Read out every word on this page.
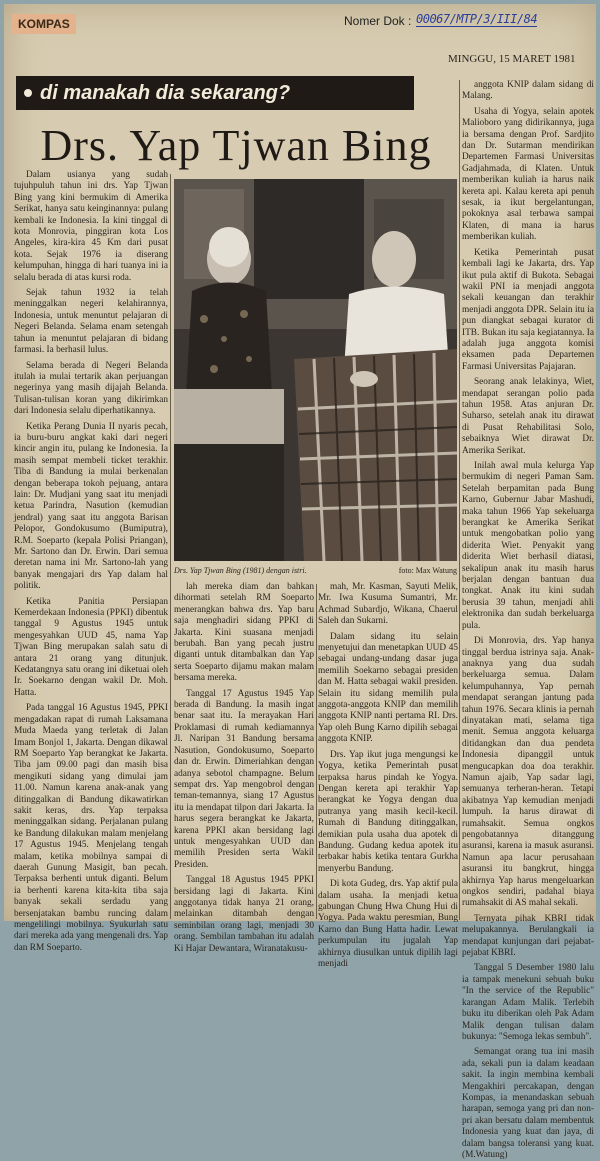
KOMPAS	Nomer Dok : 00067/MTP/3/III/84
MINGGU, 15 MARET 1981
di manakah dia sekarang?
Drs. Yap Tjwan Bing

Dalam usianya yang sudah tujuhpuluh tahun ini drs. Yap Tjwan Bing yang kini bermukim di Amerika Serikat, hanya satu keinginannya: pulang kembali ke Indonesia. Ia kini tinggal di kota Monrovia, pinggiran kota Los Angeles, kira-kira 45 Km dari pusat kota. Sejak 1976 ia diserang kelumpuhan, hingga di hari tuanya ini ia selalu berada di atas kursi roda.

Sejak tahun 1932 ia telah meninggalkan negeri kelahirannya, Indonesia, untuk menuntut pelajaran di Negeri Belanda. Selama enam setengah tahun ia menuntut pelajaran di bidang farmasi. Ia berhasil lulus.

Selama berada di Negeri Belanda itulah ia mulai tertarik akan perjuangan negerinya yang masih dijajah Belanda. Tulisan-tulisan koran yang dikirimkan dari Indonesia selalu diperhatikannya.

Ketika Perang Dunia II nyaris pecah, ia buru-buru angkat kaki dari negeri kincir angin itu, pulang ke Indonesia. Ia masih sempat membeli ticket terakhir. Tiba di Bandung ia mulai berkenalan dengan beberapa tokoh pejuang, antara lain: Dr. Mudjani yang saat itu menjadi ketua Parindra, Nasution (kemudian jendral) yang saat itu anggota Barisan Pelopor, Gondokusumo (Bumiputra), R.M. Soeparto (kepala Polisi Priangan), Mr. Sartono dan Dr. Erwin. Dari semua deretan nama ini Mr. Sartono-lah yang banyak mengajari drs Yap dalam hal politik.

Ketika Panitia Persiapan Kemerdekaan Indonesia (PPKI) dibentuk tanggal 9 Agustus 1945 untuk mengesyahkan UUD 45, nama Yap Tjwan Bing merupakan salah satu di antara 21 orang yang ditunjuk. Kedatangnya satu orang ini diketuai oleh Ir. Soekarno dengan wakil Dr. Moh. Hatta.

Pada tanggal 16 Agustus 1945, PPKI mengadakan rapat di rumah Laksamana Muda Maeda yang terletak di Jalan Imam Bonjol 1, Jakarta. Dengan dikawal RM Soeparto Yap berangkat ke Jakarta. Tiba jam 09.00 pagi dan masih bisa mengikuti sidang yang dimulai jam 11.00. Namun karena anak-anak yang ditinggalkan di Bandung dikawatirkan sakit keras, drs. Yap terpaksa meninggalkan sidang. Perjalanan pulang ke Bandung dilakukan malam menjelang 17 Agustus 1945. Menjelang tengah malam, ketika mobilnya sampai di daerah Gunung Masigit, ban pecah. Terpaksa berhenti untuk diganti. Belum ia berhenti karena kita-kita tiba saja banyak sekali serdadu yang bersenjatakan bambu runcing dalam mengelilingi mobilnya. Syukurlah satu dari mereka ada yang mengenali drs. Yap dan RM Soeparto.

anggota KNIP dalam sidang di Malang.

Usaha di Yogya, selain apotek Malioboro yang didirikannya, juga ia bersama dengan Prof. Sardjito dan Dr. Sutarman mendirikan Departemen Farmasi Universitas Gadjahmada, di Klaten. Untuk memberikan kuliah ia harus naik kereta api. Kalau kereta api penuh sesak, ia ikut bergelantungan, pokoknya asal terbawa sampai Klaten, di mana ia harus memberikan kuliah.

Ketika Pemerintah pusat kembali lagi ke Jakarta, drs. Yap ikut pula aktif di Bukota. Sebagai wakil PNI ia menjadi anggota sekali keuangan dan terakhir menjadi anggota DPR. Selain itu ia pun diangkat sebagai kurator di ITB. Bukan itu saja kegiatannya. Ia adalah juga anggota komisi eksamen pada Departemen Farmasi Universitas Pajajaran.

Seorang anak lelakinya, Wiet, mendapat serangan polio pada tahun 1958. Atas anjuran Dr. Suharso, setelah anak itu dirawat di Pusat Rehabilitasi Solo, sebaiknya Wiet dirawat Dr. Amerika Serikat.

Inilah awal mula kelurga Yap bermukim di negeri Paman Sam. Setelah berpamitan pada Bung Karno, Gubernur Jabar Mashudi, maka tahun 1966 Yap sekeluarga berangkat ke Amerika Serikat untuk mengobatkan polio yang diderita Wiet. Penyakit yang diderita Wiet berhasil diatasi, sekalipun anak itu masih harus berjalan dengan bantuan dua tongkat. Anak itu kini sudah berusia 39 tahun, menjadi ahli elektronika dan sudah berkeluarga pula.

Di Monrovia, drs. Yap hanya tinggal berdua istrinya saja. Anak-anaknya yang dua sudah berkeluarga semua. Dalam kelumpuhannya, Yap pernah mendapat serangan jantung pada tahun 1976. Secara klinis ia pernah dinyatakan mati, selama tiga menit. Semua anggota keluarga ditidangkan dan dua pendeta Indonesia dipanggil untuk mengucapkan doa doa terakhir. Namun ajaib, Yap sadar lagi, semuanya terheran-heran. Tetapi akibatnya Yap kemudian menjadi lumpuh. Ia harus dirawat di rumahsakit. Semua ongkos pengobatannya ditanggung asuransi, karena ia masuk asuransi. Namun apa lacur perusahaan asuransi itu bangkrut, hingga akhirnya Yap harus mengeluarkan ongkos sendiri, padahal biaya rumahsakit di AS mahal sekali.

Ternyata pihak KBRI tidak melupakannya. Berulangkali ia mendapat kunjungan dari pejabat-pejabat KBRI.

Tanggal 5 Desember 1980 lalu ia tampak menekuni sebuah buku "In the service of the Republic" karangan Adam Malik. Terlebih buku itu diberikan oleh Pak Adam Malik dengan tulisan dalam bukunya: "Semoga lekas sembuh".

Semangat orang tua ini masih ada, sekali pun ia dalam keadaan sakit. Ia ingin membina kembali Mengakhiri percakapan, dengan Kompas, ia menandaskan sebuah harapan, semoga yang pri dan non-pri akan bersatu dalam membentuk Indonesia yang kuat dan jaya, di dalam bangsa toleransi yang kuat. (M.Watung)

Drs. Yap Tjwan Bing (1981) dengan istri.	foto: Max Watung

lah mereka diam dan bahkan dihormati setelah RM Soeparto menerangkan bahwa drs. Yap baru saja menghadiri sidang PPKI di Jakarta. Kini suasana menjadi berubah. Ban yang pecah justru diganti untuk ditambalkan dan Yap serta Soeparto dijamu makan malam bersama mereka.

Tanggal 17 Agustus 1945 Yap berada di Bandung. Ia masih ingat benar saat itu. Ia merayakan Hari Proklamasi di rumah kediamannya Jl. Naripan 31 Bandung bersama Nasution, Gondokusumo, Soeparto dan dr. Erwin. Dimeriahkan dengan adanya sebotol champagne. Belum sempat drs. Yap mengobrol dengan teman-temannya, siang 17 Agustus itu ia mendapat tilpon dari Jakarta. Ia harus segera berangkat ke Jakarta, karena PPKI akan bersidang lagi untuk mengesyahkan UUD dan memilih Presiden serta Wakil Presiden.

Tanggal 18 Agustus 1945 PPKI bersidang lagi di Jakarta. Kini anggotanya tidak hanya 21 orang, melainkan ditambah dengan seminbilan orang lagi, menjadi 30 orang. Sembilan tambahan itu adalah Ki Hajar Dewantara, Wiranatakusu-

mah, Mr. Kasman, Sayuti Melik, Mr. Iwa Kusuma Sumantri, Mr. Achmad Subardjo, Wikana, Chaerul Saleh dan Sukarni.

Dalam sidang itu selain menyetujui dan menetapkan UUD 45 sebagai undang-undang dasar juga memilih Soekarno sebagai presiden dan M. Hatta sebagai wakil presiden. Selain itu sidang memilih pula anggota-anggota KNIP dan memilih anggota KNIP nanti pertama RI. Drs. Yap oleh Bung Karno dipilih sebagai anggota KNIP.

Drs. Yap ikut juga mengungsi ke Yogya, ketika Pemerintah pusat terpaksa harus pindah ke Yogya. Dengan kereta api terakhir Yap berangkat ke Yogya dengan dua putranya yang masih kecil-kecil. Rumah di Bandung ditinggalkan, demikian pula usaha dua apotek di Bandung. Gudang kedua apotek itu terbakar habis ketika tentara Gurkha menyerbu Bandung.

Di kota Gudeg, drs. Yap aktif pula dalam usaha. Ia menjadi ketua gabungan Chung Hwa Chung Hui di Yogya. Pada waktu peresmian, Bung Karno dan Bung Hatta hadir. Lewat perkumpulan itu jugalah Yap akhirnya diusulkan untuk dipilih lagi menjadi
